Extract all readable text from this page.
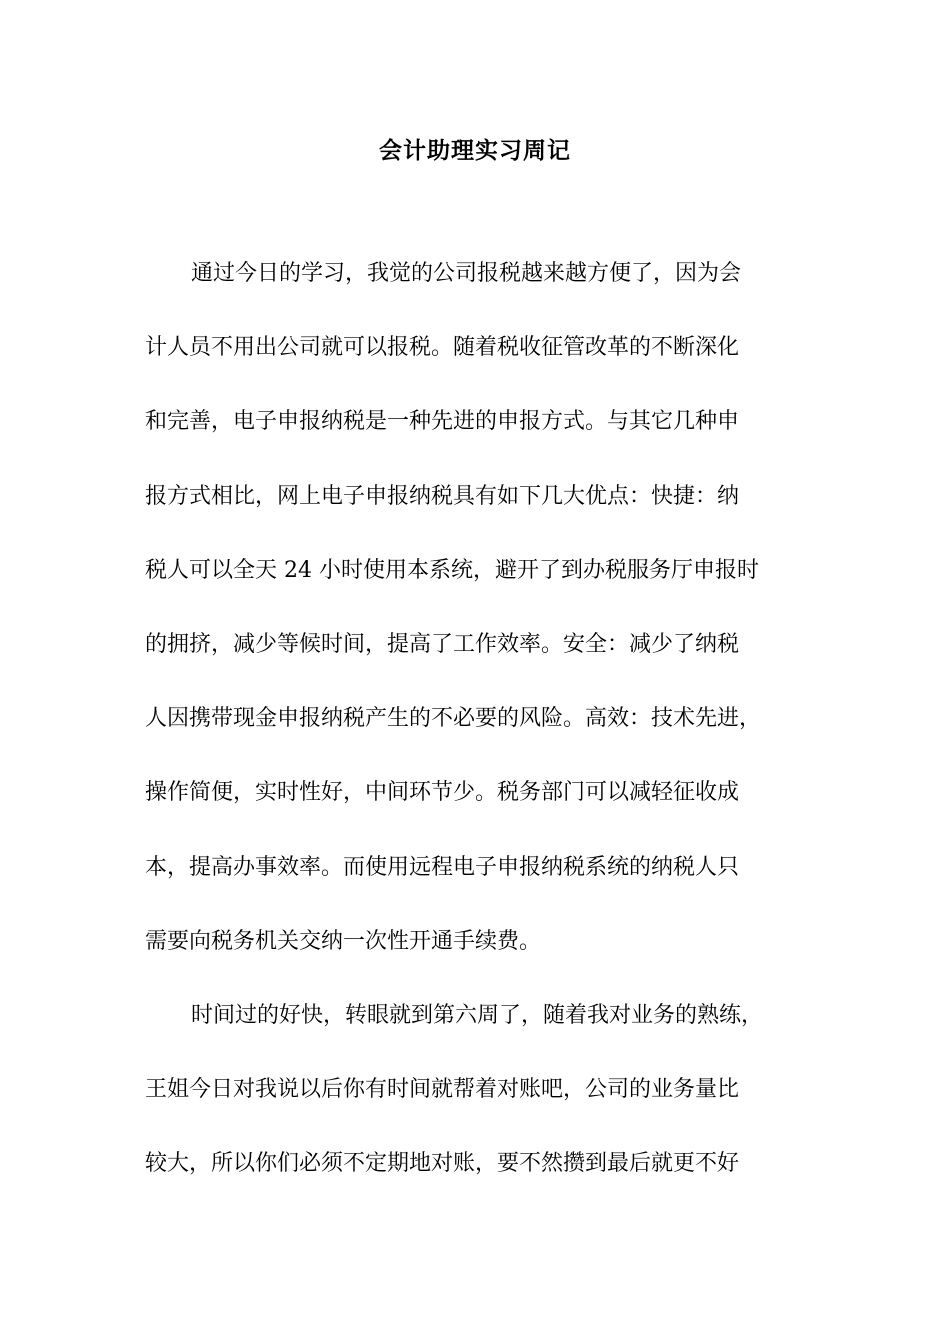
会计助理实习周记
通过今日的学习，我觉的公司报税越来越方便了，因为会
计人员不用出公司就可以报税。随着税收征管改革的不断深化
和完善，电子申报纳税是一种先进的申报方式。与其它几种申
报方式相比，网上电子申报纳税具有如下几大优点：快捷：纳
税人可以全天 24 小时使用本系统，避开了到办税服务厅申报时
的拥挤，减少等候时间，提高了工作效率。安全：减少了纳税
人因携带现金申报纳税产生的不必要的风险。高效：技术先进，
操作简便，实时性好，中间环节少。税务部门可以减轻征收成
本，提高办事效率。而使用远程电子申报纳税系统的纳税人只
需要向税务机关交纳一次性开通手续费。
时间过的好快，转眼就到第六周了，随着我对业务的熟练，
王姐今日对我说以后你有时间就帮着对账吧，公司的业务量比
较大，所以你们必须不定期地对账，要不然攒到最后就更不好
